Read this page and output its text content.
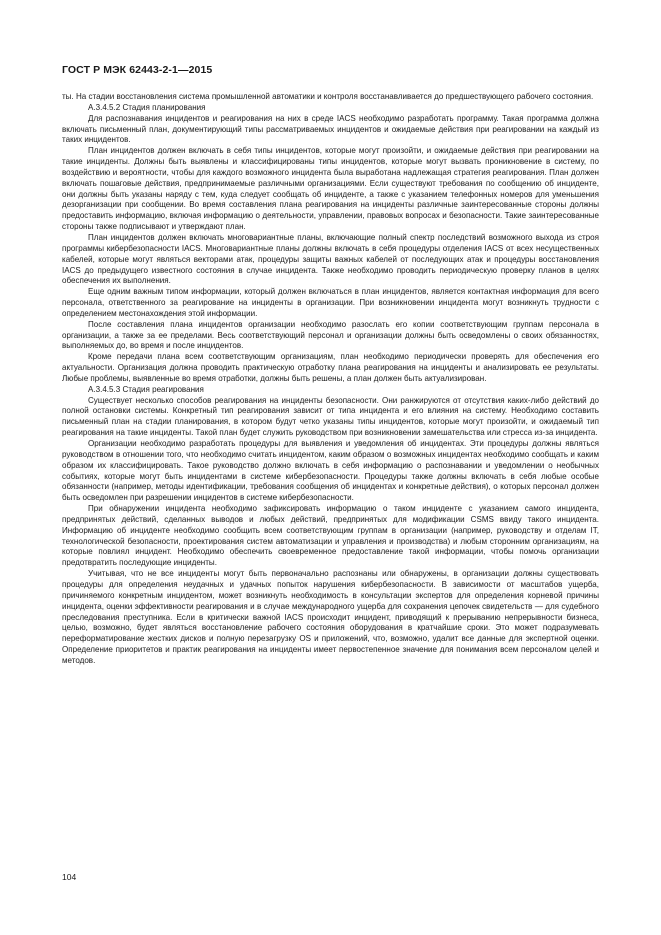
ГОСТ Р МЭК 62443-2-1—2015

ты. На стадии восстановления система промышленной автоматики и контроля восстанавливается до предшествующего рабочего состояния.

А.3.4.5.2 Стадия планирования

Для распознавания инцидентов и реагирования на них в среде IACS необходимо разработать программу. Такая программа должна включать письменный план, документирующий типы рассматриваемых инцидентов и ожидаемые действия при реагировании на каждый из таких инцидентов.

План инцидентов должен включать в себя типы инцидентов, которые могут произойти, и ожидаемые действия при реагировании на такие инциденты. Должны быть выявлены и классифицированы типы инцидентов, которые могут вызвать проникновение в систему, по воздействию и вероятности, чтобы для каждого возможного инцидента была выработана надлежащая стратегия реагирования. План должен включать пошаговые действия, предпринимаемые различными организациями. Если существуют требования по сообщению об инциденте, они должны быть указаны наряду с тем, куда следует сообщать об инциденте, а также с указанием телефонных номеров для уменьшения дезорганизации при сообщении. Во время составления плана реагирования на инциденты различные заинтересованные стороны должны предоставить информацию, включая информацию о деятельности, управлении, правовых вопросах и безопасности. Такие заинтересованные стороны также подписывают и утверждают план.

План инцидентов должен включать многовариантные планы, включающие полный спектр последствий возможного выхода из строя программы кибербезопасности IACS. Многовариантные планы должны включать в себя процедуры отделения IACS от всех несущественных кабелей, которые могут являться векторами атак, процедуры защиты важных кабелей от последующих атак и процедуры восстановления IACS до предыдущего известного состояния в случае инцидента. Также необходимо проводить периодическую проверку планов в целях обеспечения их выполнения.

Еще одним важным типом информации, который должен включаться в план инцидентов, является контактная информация для всего персонала, ответственного за реагирование на инциденты в организации. При возникновении инцидента могут возникнуть трудности с определением местонахождения этой информации.

После составления плана инцидентов организации необходимо разослать его копии соответствующим группам персонала в организации, а также за ее пределами. Весь соответствующий персонал и организации должны быть осведомлены о своих обязанностях, выполняемых до, во время и после инцидентов.

Кроме передачи плана всем соответствующим организациям, план необходимо периодически проверять для обеспечения его актуальности. Организация должна проводить практическую отработку плана реагирования на инциденты и анализировать ее результаты. Любые проблемы, выявленные во время отработки, должны быть решены, а план должен быть актуализирован.

А.3.4.5.3 Стадия реагирования

Существует несколько способов реагирования на инциденты безопасности. Они ранжируются от отсутствия каких-либо действий до полной остановки системы. Конкретный тип реагирования зависит от типа инцидента и его влияния на систему. Необходимо составить письменный план на стадии планирования, в котором будут четко указаны типы инцидентов, которые могут произойти, и ожидаемый тип реагирования на такие инциденты. Такой план будет служить руководством при возникновении замешательства или стресса из-за инцидента.

Организации необходимо разработать процедуры для выявления и уведомления об инцидентах. Эти процедуры должны являться руководством в отношении того, что необходимо считать инцидентом, каким образом о возможных инцидентах необходимо сообщать и каким образом их классифицировать. Такое руководство должно включать в себя информацию о распознавании и уведомлении о необычных событиях, которые могут быть инцидентами в системе кибербезопасности. Процедуры также должны включать в себя любые особые обязанности (например, методы идентификации, требования сообщения об инцидентах и конкретные действия), о которых персонал должен быть осведомлен при разрешении инцидентов в системе кибербезопасности.

При обнаружении инцидента необходимо зафиксировать информацию о таком инциденте с указанием самого инцидента, предпринятых действий, сделанных выводов и любых действий, предпринятых для модификации CSMS ввиду такого инцидента. Информацию об инциденте необходимо сообщить всем соответствующим группам в организации (например, руководству и отделам IT, технологической безопасности, проектирования систем автоматизации и управления и производства) и любым сторонним организациям, на которые повлиял инцидент. Необходимо обеспечить своевременное предоставление такой информации, чтобы помочь организации предотвратить последующие инциденты.

Учитывая, что не все инциденты могут быть первоначально распознаны или обнаружены, в организации должны существовать процедуры для определения неудачных и удачных попыток нарушения кибербезопасности. В зависимости от масштабов ущерба, причиняемого конкретным инцидентом, может возникнуть необходимость в консультации экспертов для определения корневой причины инцидента, оценки эффективности реагирования и в случае международного ущерба для сохранения цепочек свидетельств — для судебного преследования преступника. Если в критически важной IACS происходит инцидент, приводящий к прерыванию непрерывности бизнеса, целью, возможно, будет являться восстановление рабочего состояния оборудования в кратчайшие сроки. Это может подразумевать переформатирование жестких дисков и полную перезагрузку OS и приложений, что, возможно, удалит все данные для экспертной оценки. Определение приоритетов и практик реагирования на инциденты имеет первостепенное значение для понимания всем персоналом целей и методов.

104
